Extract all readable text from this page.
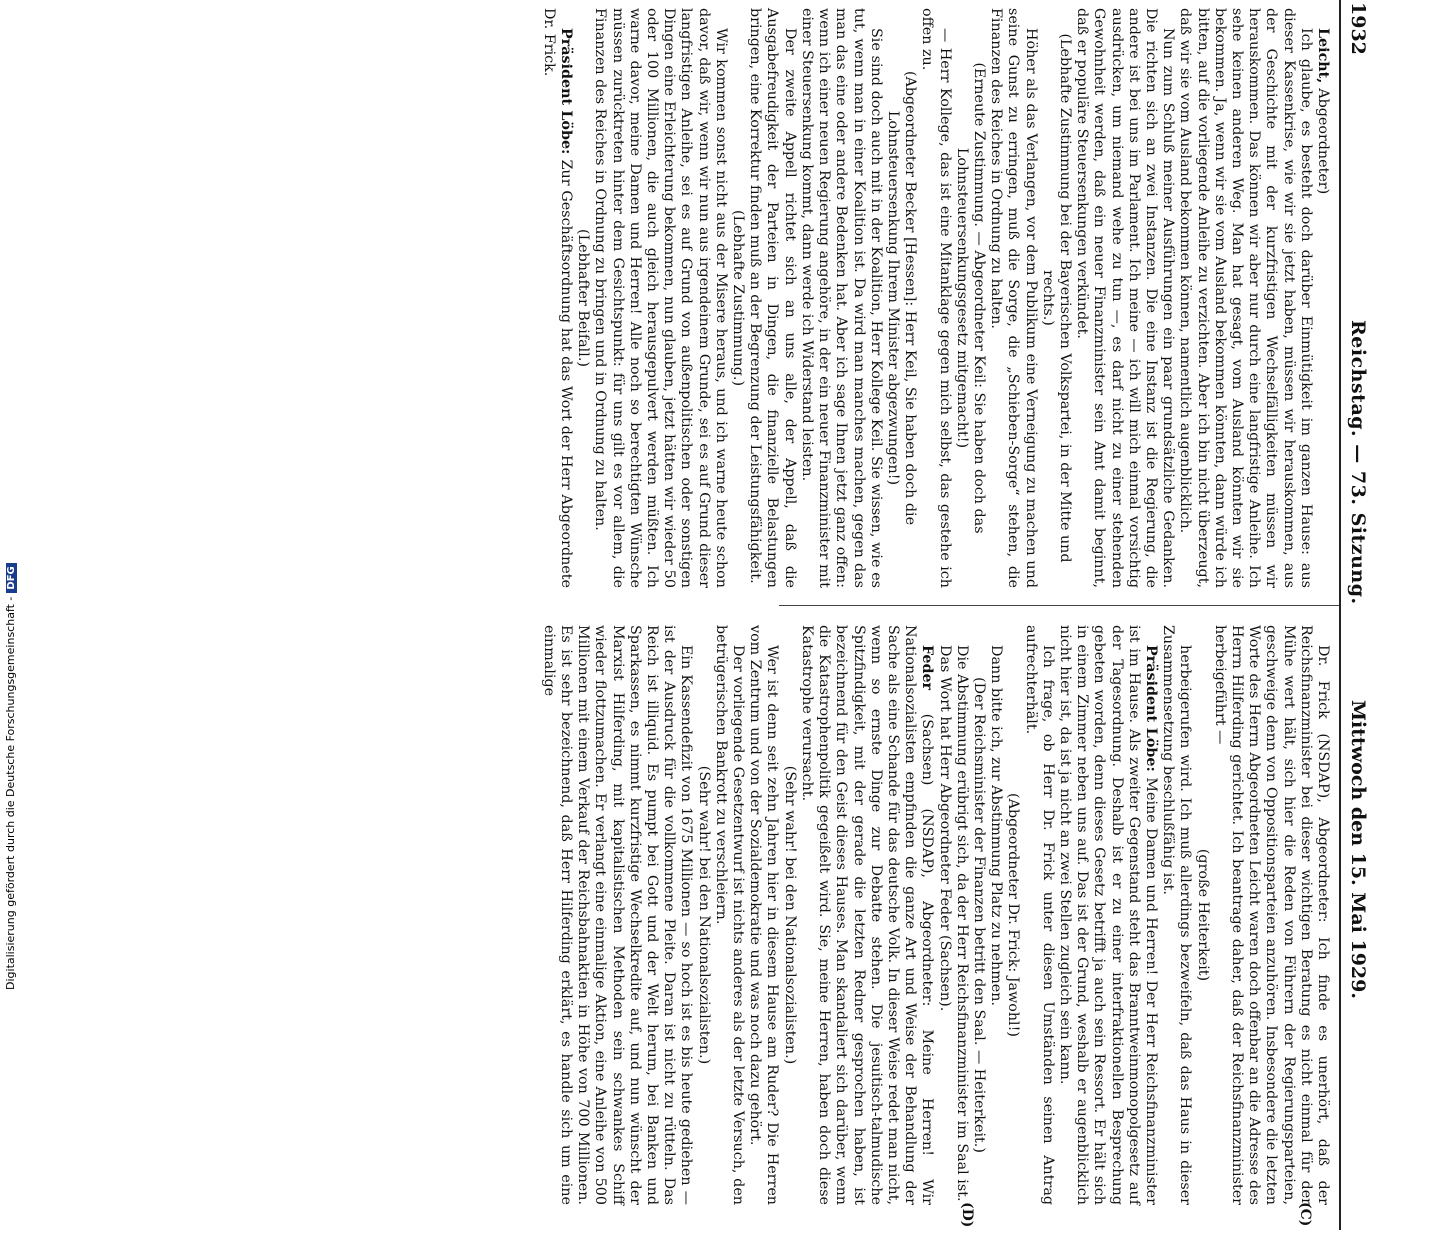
1932
Reichstag. — 73. Sitzung.
Mittwoch den 15. Mai 1929.
(C)
(D)

Leicht, Abgeordneter)

Ich glaube, es besteht doch darüber Einmütigkeit im ganzen Hause: aus dieser Kassenkrise, wie wir sie jetzt haben, müssen wir herauskommen, aus der Geschichte mit der kurzfristigen Wechselfälligkeiten müssen wir herauskommen. Das können wir aber nur durch eine langfristige Anleihe. Ich sehe keinen anderen Weg. Man hat gesagt, vom Ausland könnten wir sie bekommen. Ja, wenn wir sie vom Ausland bekommen könnten, dann würde ich bitten, auf die vorliegende Anleihe zu verzichten. Aber ich bin nicht überzeugt, daß wir sie vom Ausland bekommen können, namentlich augenblicklich.

Nun zum Schluß meiner Ausführungen ein paar grundsätzliche Gedanken. Die richten sich an zwei Instanzen. Die eine Instanz ist die Regierung, die andere ist bei uns im Parlament. Ich meine — ich will mich einmal vorsichtig ausdrücken, um niemand wehe zu tun —, es darf nicht zu einer stehenden Gewohnheit werden, daß ein neuer Finanzminister sein Amt damit beginnt, daß er populäre Steuersenkungen verkündet.

(Lebhafte Zustimmung bei der Bayerischen Volkspartei, in der Mitte und rechts.)

Höher als das Verlangen, vor dem Publikum eine Verneigung zu machen und seine Gunst zu erringen, muß die Sorge, die „Schieben-Sorge“ stehen, die Finanzen des Reiches in Ordnung zu halten.

(Erneute Zustimmung. — Abgeordneter Keil: Sie haben doch das Lohnsteuersenkungsgesetz mitgemacht!)

— Herr Kollege, das ist eine Mitanklage gegen mich selbst, das gestehe ich offen zu.

(Abgeordneter Becker [Hessen]: Herr Keil, Sie haben doch die Lohnsteuersenkung Ihrem Minister abgezwungen!)

Sie sind doch auch mit in der Koalition, Herr Kollege Keil. Sie wissen, wie es tut, wenn man in einer Koalition ist. Da wird man manches machen, gegen das man das eine oder andere Bedenken hat. Aber ich sage Ihnen jetzt ganz offen: wenn ich einer neuen Regierung angehöre, in der ein neuer Finanzminister mit einer Steuersenkung kommt, dann werde ich Widerstand leisten.

Der zweite Appell richtet sich an uns alle, der Appell, daß die Ausgabefreudigkeit der Parteien in Dingen, die finanzielle Belastungen bringen, eine Korrektur finden muß an der Begrenzung der Leistungsfähigkeit.

(Lebhafte Zustimmung.)

Wir kommen sonst nicht aus der Misere heraus, und ich warne heute schon davor, daß wir, wenn wir nun aus irgendeinem Grunde, sei es auf Grund dieser langfristigen Anleihe, sei es auf Grund von außenpolitischen oder sonstigen Dingen eine Erleichterung bekommen, nun glauben, jetzt hätten wir wieder 50 oder 100 Millionen, die auch gleich herausgepulvert werden müßten. Ich warne davor, meine Damen und Herren! Alle noch so berechtigten Wünsche müssen zurücktreten hinter dem Gesichtspunkt: für uns gilt es vor allem, die Finanzen des Reiches in Ordnung zu bringen und in Ordnung zu halten.

(Lebhafter Beifall.)

Präsident Löbe: Zur Geschäftsordnung hat das Wort der Herr Abgeordnete Dr. Frick.

Dr. Frick (NSDAP), Abgeordneter: Ich finde es unerhört, daß der Reichsfinanzminister bei dieser wichtigen Beratung es nicht einmal für der Mühe wert hält, sich hier die Reden von Führern der Regierungsparteien, geschweige denn von Oppositionsparteien anzuhören. Insbesondere die letzten Worte des Herrn Abgeordneten Leicht waren doch offenbar an die Adresse des Herrn Hilferding gerichtet. Ich beantrage daher, daß der Reichsfinanzminister herbeigeführt —

(große Heiterkeit)

herbeigerufen wird. Ich muß allerdings bezweifeln, daß das Haus in dieser Zusammensetzung beschlußfähig ist.

Präsident Löbe: Meine Damen und Herren! Der Herr Reichsfinanzminister ist im Hause. Als zweiter Gegenstand steht das Branntweinmonopolgesetz auf der Tagesordnung. Deshalb ist er zu einer interfraktionellen Besprechung gebeten worden, denn dieses Gesetz betrifft ja auch sein Ressort. Er hält sich in einem Zimmer neben uns auf. Das ist der Grund, weshalb er augenblicklich nicht hier ist, da ist ja nicht an zwei Stellen zugleich sein kann.

Ich frage, ob Herr Dr. Frick unter diesen Umständen seinen Antrag aufrechterhält.

(Abgeordneter Dr. Frick: Jawohl!)

Dann bitte ich, zur Abstimmung Platz zu nehmen.

(Der Reichsminister der Finanzen betritt den Saal. — Heiterkeit.)

Die Abstimmung erübrigt sich, da der Herr Reichsfinanzminister im Saal ist.

Das Wort hat Herr Abgeordneter Feder (Sachsen).

Feder (Sachsen) (NSDAP), Abgeordneter: Meine Herren! Wir Nationalsozialisten empfinden die ganze Art und Weise der Behandlung der Sache als eine Schande für das deutsche Volk. In dieser Weise redet man nicht, wenn so ernste Dinge zur Debatte stehen. Die jesuitisch-talmudische Spitzfindigkeit, mit der gerade die letzten Redner gesprochen haben, ist bezeichnend für den Geist dieses Hauses. Man skandaliert sich darüber, wenn die Katastrophenpolitik gegeißelt wird. Sie, meine Herren, haben doch diese Katastrophe verursacht.

(Sehr wahr! bei den Nationalsozialisten.)

Wer ist denn seit zehn Jahren hier in diesem Hause am Ruder? Die Herren vom Zentrum und von der Sozialdemokratie und was noch dazu gehört.

Der vorliegende Gesetzentwurf ist nichts anderes als der letzte Versuch, den betrügerischen Bankrott zu verschleiern.

(Sehr wahr! bei den Nationalsozialisten.)

Ein Kassendefizit von 1675 Millionen — so hoch ist es bis heute gediehen — ist der Ausdruck für die vollkommene Pleite. Daran ist nicht zu rütteln. Das Reich ist illiquid. Es pumpt bei Gott und der Welt herum, bei Banken und Sparkassen, es nimmt kurzfristige Wechselkredite auf, und nun wünscht der Marxist Hilferding, mit kapitalistischen Methoden sein schwankes Schiff wieder flottzumachen. Er verlangt eine einmalige Aktion, eine Anleihe von 500 Millionen mit einem Verkauf der Reichsbahnaktien in Höhe von 700 Millionen. Es ist sehr bezeichnend, daß Herr Hilferding erklärt, es handle sich um eine einmalige

Digitalisierung gefördert durch die Deutsche Forschungsgemeinschaft -DFG
